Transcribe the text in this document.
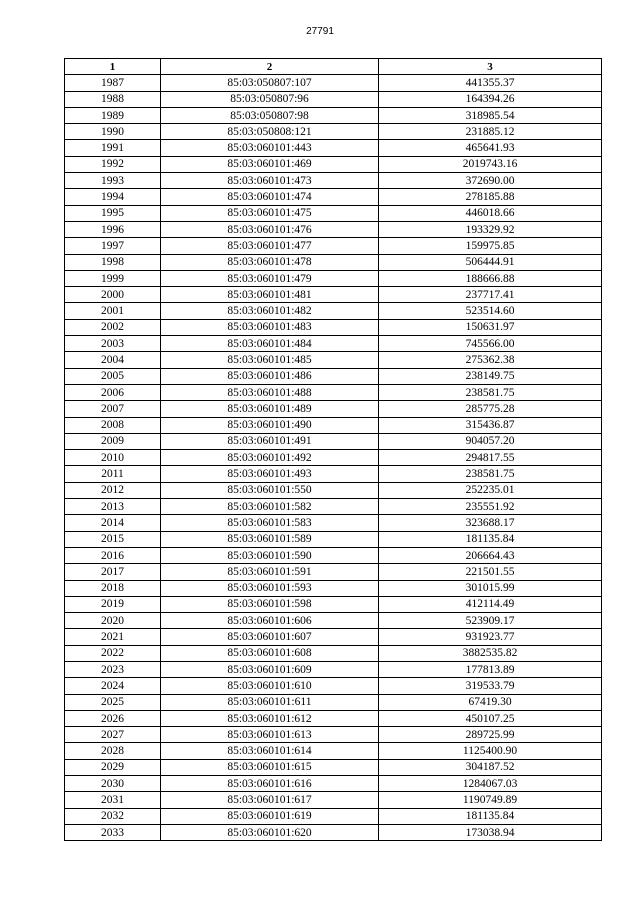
27791
1	2	3
1987	85:03:050807:107	441355.37
1988	85:03:050807:96	164394.26
1989	85:03:050807:98	318985.54
1990	85:03:050808:121	231885.12
1991	85:03:060101:443	465641.93
1992	85:03:060101:469	2019743.16
1993	85:03:060101:473	372690.00
1994	85:03:060101:474	278185.88
1995	85:03:060101:475	446018.66
1996	85:03:060101:476	193329.92
1997	85:03:060101:477	159975.85
1998	85:03:060101:478	506444.91
1999	85:03:060101:479	188666.88
2000	85:03:060101:481	237717.41
2001	85:03:060101:482	523514.60
2002	85:03:060101:483	150631.97
2003	85:03:060101:484	745566.00
2004	85:03:060101:485	275362.38
2005	85:03:060101:486	238149.75
2006	85:03:060101:488	238581.75
2007	85:03:060101:489	285775.28
2008	85:03:060101:490	315436.87
2009	85:03:060101:491	904057.20
2010	85:03:060101:492	294817.55
2011	85:03:060101:493	238581.75
2012	85:03:060101:550	252235.01
2013	85:03:060101:582	235551.92
2014	85:03:060101:583	323688.17
2015	85:03:060101:589	181135.84
2016	85:03:060101:590	206664.43
2017	85:03:060101:591	221501.55
2018	85:03:060101:593	301015.99
2019	85:03:060101:598	412114.49
2020	85:03:060101:606	523909.17
2021	85:03:060101:607	931923.77
2022	85:03:060101:608	3882535.82
2023	85:03:060101:609	177813.89
2024	85:03:060101:610	319533.79
2025	85:03:060101:611	67419.30
2026	85:03:060101:612	450107.25
2027	85:03:060101:613	289725.99
2028	85:03:060101:614	1125400.90
2029	85:03:060101:615	304187.52
2030	85:03:060101:616	1284067.03
2031	85:03:060101:617	1190749.89
2032	85:03:060101:619	181135.84
2033	85:03:060101:620	173038.94
